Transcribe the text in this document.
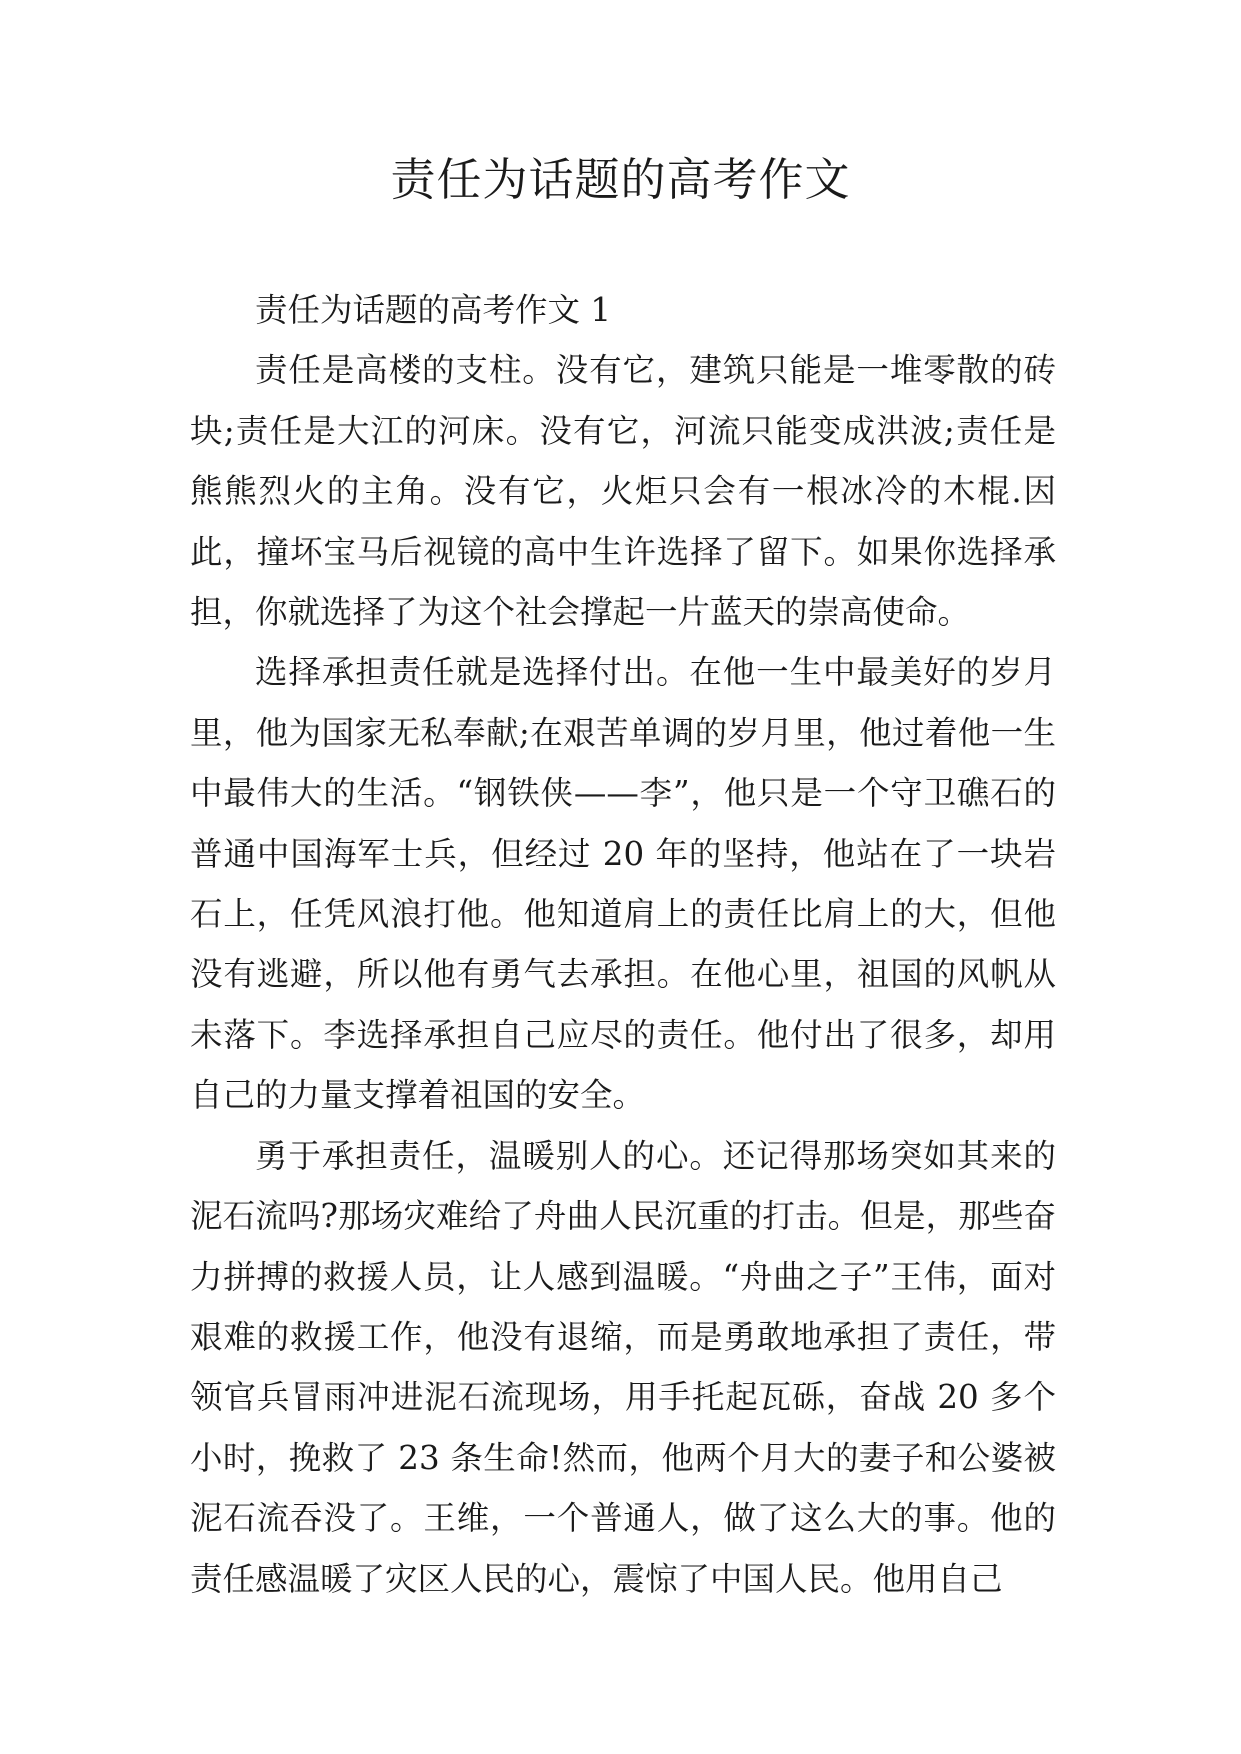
责任为话题的高考作文

责任为话题的高考作文 1

责任是高楼的支柱。没有它，建筑只能是一堆零散的砖块;责任是大江的河床。没有它，河流只能变成洪波;责任是熊熊烈火的主角。没有它，火炬只会有一根冰冷的木棍.因此，撞坏宝马后视镜的高中生许选择了留下。如果你选择承担，你就选择了为这个社会撑起一片蓝天的崇高使命。

选择承担责任就是选择付出。在他一生中最美好的岁月里，他为国家无私奉献;在艰苦单调的岁月里，他过着他一生中最伟大的生活。“钢铁侠——李”，他只是一个守卫礁石的普通中国海军士兵，但经过 20 年的坚持，他站在了一块岩石上，任凭风浪打他。他知道肩上的责任比肩上的大，但他没有逃避，所以他有勇气去承担。在他心里，祖国的风帆从未落下。李选择承担自己应尽的责任。他付出了很多，却用自己的力量支撑着祖国的安全。

勇于承担责任，温暖别人的心。还记得那场突如其来的泥石流吗?那场灾难给了舟曲人民沉重的打击。但是，那些奋力拼搏的救援人员，让人感到温暖。“舟曲之子”王伟，面对艰难的救援工作，他没有退缩，而是勇敢地承担了责任，带领官兵冒雨冲进泥石流现场，用手托起瓦砾，奋战 20 多个小时，挽救了 23 条生命!然而，他两个月大的妻子和公婆被泥石流吞没了。王维，一个普通人，做了这么大的事。他的责任感温暖了灾区人民的心，震惊了中国人民。他用自己
